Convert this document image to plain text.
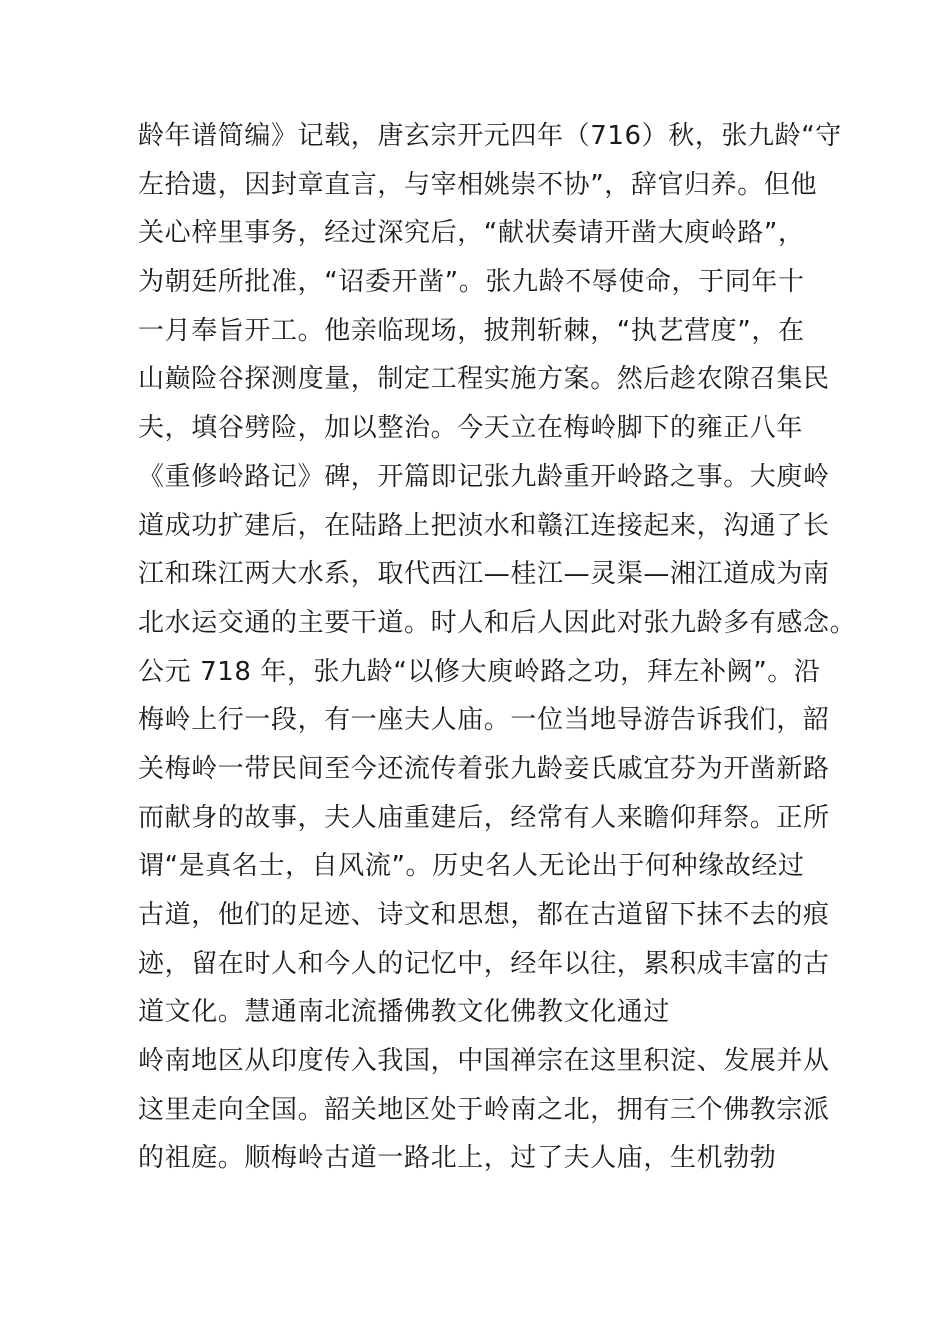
龄年谱简编》记载，唐玄宗开元四年（716）秋，张九龄“守
左拾遗，因封章直言，与宰相姚崇不协”，辞官归养。但他
关心梓里事务，经过深究后，“献状奏请开凿大庾岭路”，
为朝廷所批准，“诏委开凿”。张九龄不辱使命，于同年十
一月奉旨开工。他亲临现场，披荆斩棘，“执艺营度”，在
山巅险谷探测度量，制定工程实施方案。然后趁农隙召集民
夫，填谷劈险，加以整治。今天立在梅岭脚下的雍正八年
《重修岭路记》碑，开篇即记张九龄重开岭路之事。大庾岭
道成功扩建后，在陆路上把浈水和赣江连接起来，沟通了长
江和珠江两大水系，取代西江—桂江—灵渠—湘江道成为南
北水运交通的主要干道。时人和后人因此对张九龄多有感念。
公元 718 年，张九龄“以修大庾岭路之功，拜左补阙”。沿
梅岭上行一段，有一座夫人庙。一位当地导游告诉我们，韶
关梅岭一带民间至今还流传着张九龄妾氏戚宜芬为开凿新路
而献身的故事，夫人庙重建后，经常有人来瞻仰拜祭。正所
谓“是真名士，自风流”。历史名人无论出于何种缘故经过
古道，他们的足迹、诗文和思想，都在古道留下抹不去的痕
迹，留在时人和今人的记忆中，经年以往，累积成丰富的古
道文化。慧通南北流播佛教文化佛教文化通过
岭南地区从印度传入我国，中国禅宗在这里积淀、发展并从
这里走向全国。韶关地区处于岭南之北，拥有三个佛教宗派
的祖庭。顺梅岭古道一路北上，过了夫人庙，生机勃勃
